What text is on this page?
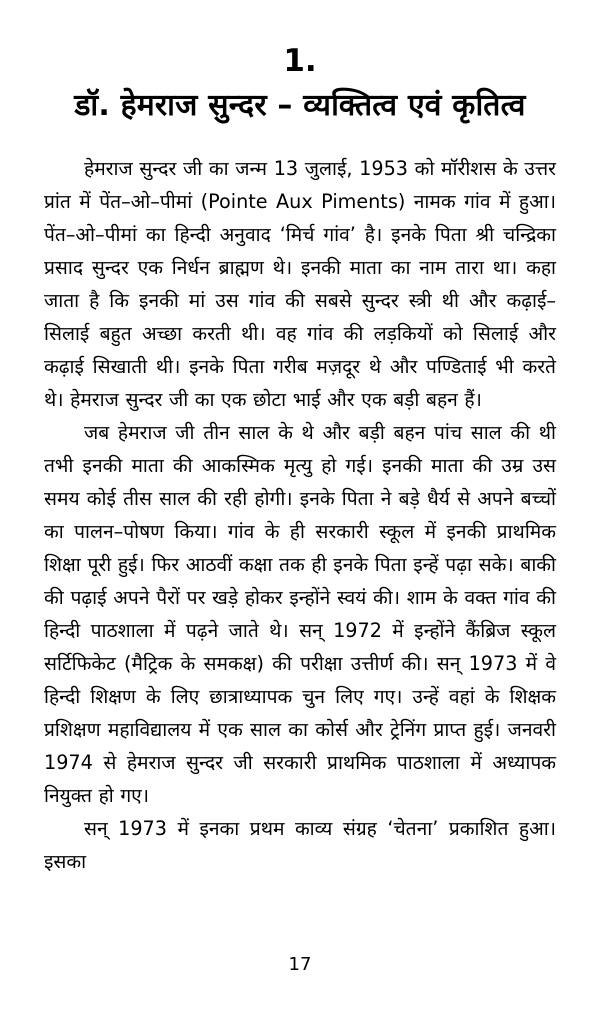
1.
डॉ. हेमराज सुन्दर – व्यक्तित्व एवं कृतित्व

हेमराज सुन्दर जी का जन्म 13 जुलाई, 1953 को मॉरीशस के उत्तर प्रांत में पेंत–ओ–पीमां (Pointe Aux Piments) नामक गांव में हुआ। पेंत–ओ–पीमां का हिन्दी अनुवाद ‘मिर्च गांव’ है। इनके पिता श्री चन्द्रिका प्रसाद सुन्दर एक निर्धन ब्राह्मण थे। इनकी माता का नाम तारा था। कहा जाता है कि इनकी मां उस गांव की सबसे सुन्दर स्त्री थी और कढ़ाई–सिलाई बहुत अच्छा करती थी। वह गांव की लड़कियों को सिलाई और कढ़ाई सिखाती थी। इनके पिता गरीब मज़दूर थे और पण्डिताई भी करते थे। हेमराज सुन्दर जी का एक छोटा भाई और एक बड़ी बहन हैं।

जब हेमराज जी तीन साल के थे और बड़ी बहन पांच साल की थी तभी इनकी माता की आकस्मिक मृत्यु हो गई। इनकी माता की उम्र उस समय कोई तीस साल की रही होगी। इनके पिता ने बड़े धैर्य से अपने बच्चों का पालन–पोषण किया। गांव के ही सरकारी स्कूल में इनकी प्राथमिक शिक्षा पूरी हुई। फिर आठवीं कक्षा तक ही इनके पिता इन्हें पढ़ा सके। बाकी की पढ़ाई अपने पैरों पर खड़े होकर इन्होंने स्वयं की। शाम के वक्त गांव की हिन्दी पाठशाला में पढ़ने जाते थे। सन् 1972 में इन्होंने कैंब्रिज स्कूल सर्टिफिकेट (मैट्रिक के समकक्ष) की परीक्षा उत्तीर्ण की। सन् 1973 में वे हिन्दी शिक्षण के लिए छात्राध्यापक चुन लिए गए। उन्हें वहां के शिक्षक प्रशिक्षण महाविद्यालय में एक साल का कोर्स और ट्रेनिंग प्राप्त हुई। जनवरी 1974 से हेमराज सुन्दर जी सरकारी प्राथमिक पाठशाला में अध्यापक नियुक्त हो गए।

सन् 1973 में इनका प्रथम काव्य संग्रह ‘चेतना’ प्रकाशित हुआ। इसका

17
